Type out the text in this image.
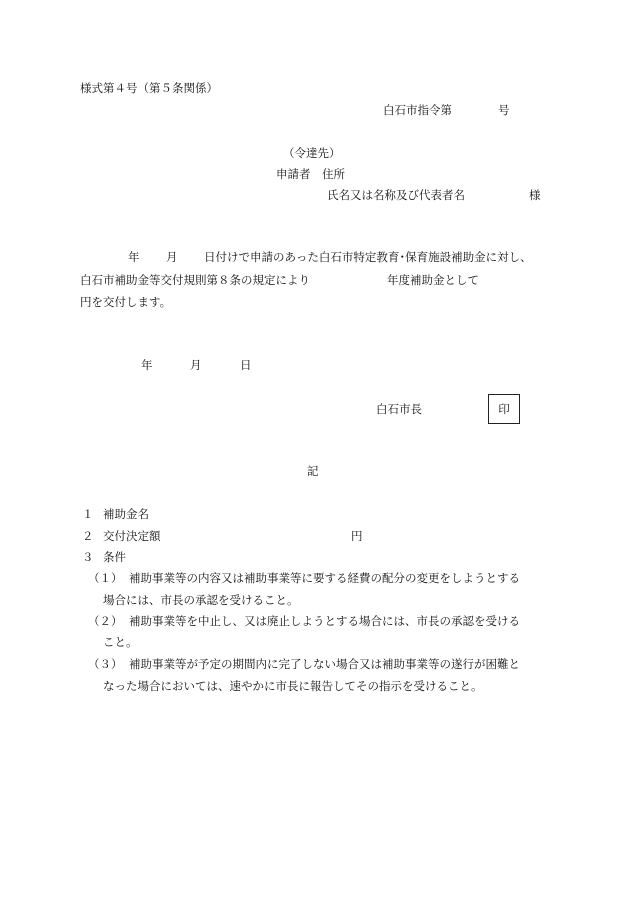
様式第４号（第５条関係）
白石市指令第　　　　号
（令達先）
申請者　住所
氏名又は名称及び代表者名	様
年 月 日付けで申請のあった白石市特定教育･保育施設補助金に対し、
白石市補助金等交付規則第８条の規定により	年度補助金として
円を交付します。
年	月	日
白石市長	印
記
１ 補助金名
２ 交付決定額	円
３ 条件
（１） 補助事業等の内容又は補助事業等に要する経費の配分の変更をしようとする
場合には、市長の承認を受けること。
（２） 補助事業等を中止し、又は廃止しようとする場合には、市長の承認を受ける
こと。
（３） 補助事業等が予定の期間内に完了しない場合又は補助事業等の遂行が困難と
なった場合においては、速やかに市長に報告してその指示を受けること。
